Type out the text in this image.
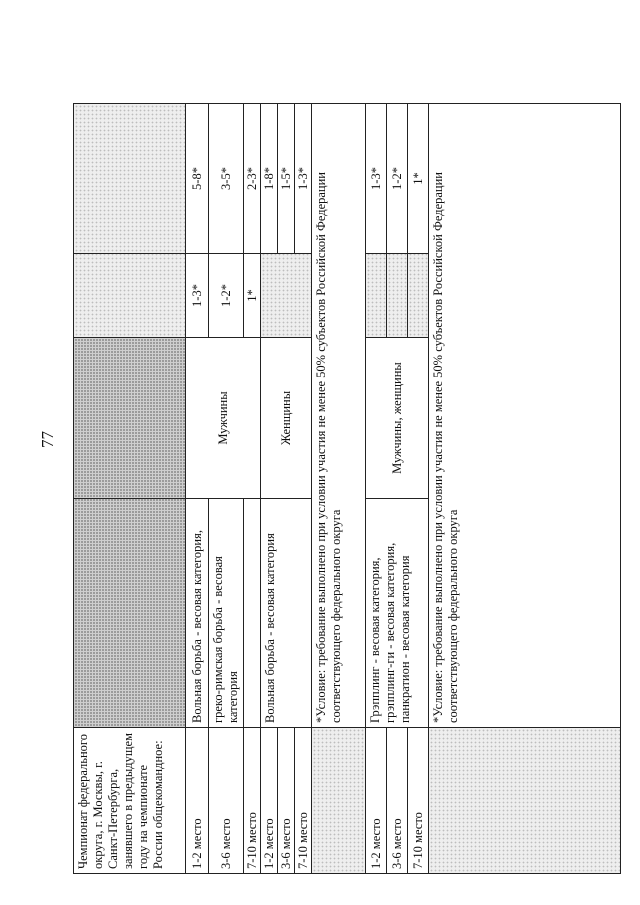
77
Чемпионат федерального округа, г. Москвы, г. Санкт-Петербурга, занявшего в предыдущем году на чемпионате России общекомандное:				
1-2 место	Вольная борьба - весовая категория,	Мужчины	1-3*	5-8*
3-6 место	греко-римская борьба - весовая категория		1-2*	3-5*
7-10 место			1*	2-3*
1-2 место	Вольная борьба - весовая категория	Женщины		1-8*
3-6 место				1-5*
7-10 место				1-3*
	*Условие: требование выполнено при условии участия не менее 50% субъектов Российской Федерации соответствующего федерального округа			
1-2 место	Грэпплинг - весовая категория, грэпплинг-ги - весовая категория, панкратион - весовая категория	Мужчины, женщины		1-3*
3-6 место				1-2*
7-10 место				1*
	*Условие: требование выполнено при условии участия не менее 50% субъектов Российской Федерации соответствующего федерального округа			
